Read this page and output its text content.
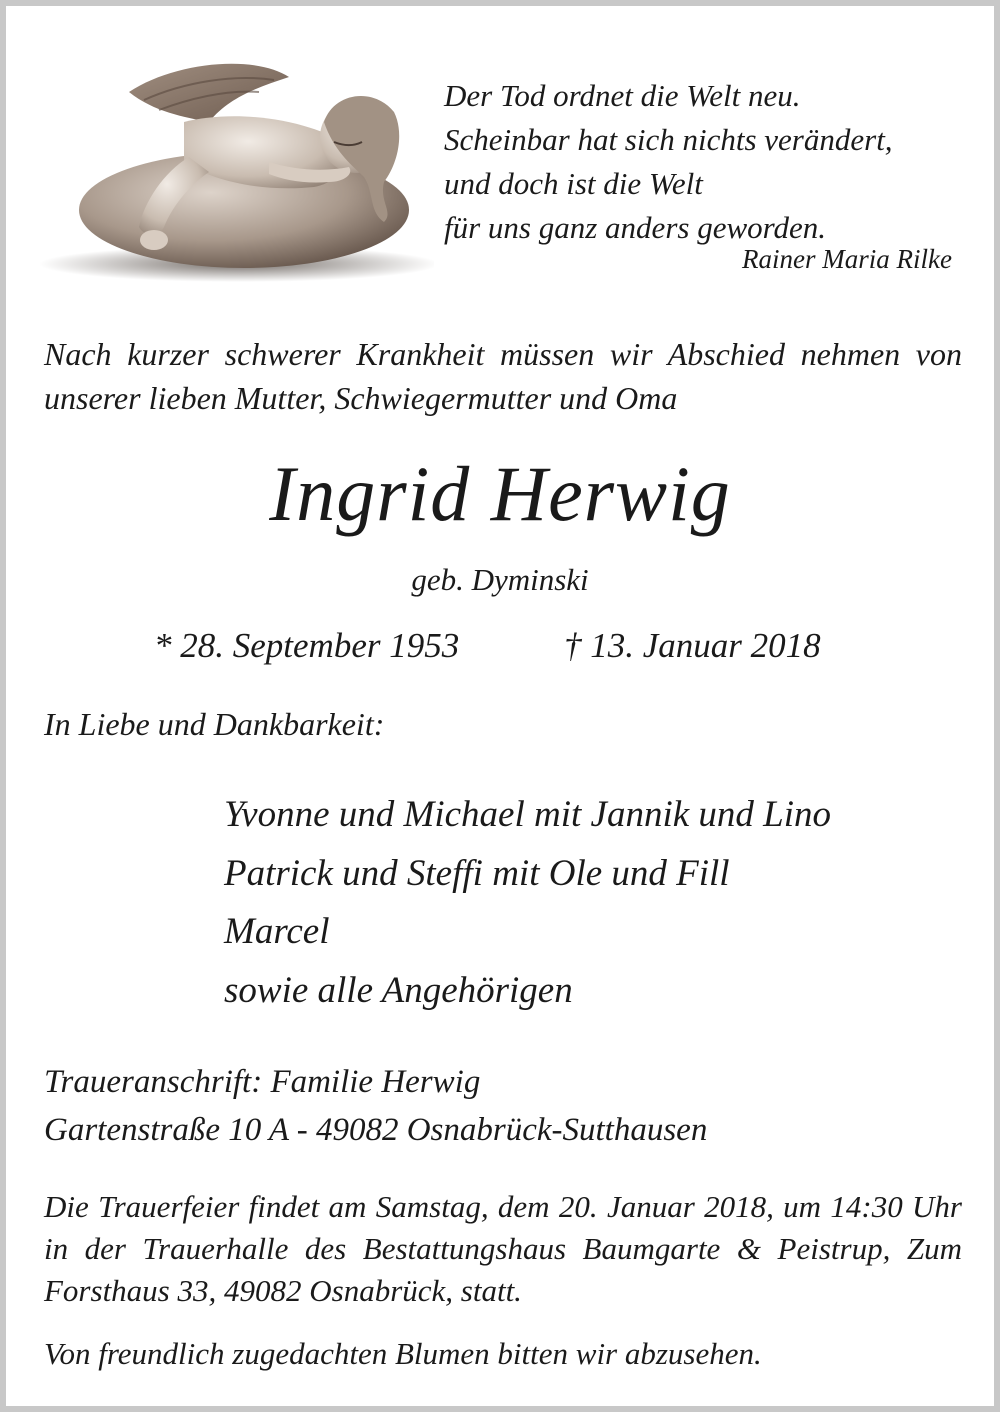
Der Tod ordnet die Welt neu.
Scheinbar hat sich nichts verändert,
und doch ist die Welt
für uns ganz anders geworden.
Rainer Maria Rilke
Nach kurzer schwerer Krankheit müssen wir Abschied nehmen von unserer lieben Mutter, Schwiegermutter und Oma
Ingrid Herwig
geb. Dyminski
* 28. September 1953	† 13. Januar 2018
In Liebe und Dankbarkeit:
Yvonne und Michael mit Jannik und Lino
Patrick und Steffi mit Ole und Fill
Marcel
sowie alle Angehörigen
Traueranschrift: Familie Herwig
Gartenstraße 10 A - 49082 Osnabrück-Sutthausen
Die Trauerfeier findet am Samstag, dem 20. Januar 2018, um 14:30 Uhr in der Trauerhalle des Bestattungshaus Baumgarte & Peistrup, Zum Forsthaus 33, 49082 Osnabrück, statt.
Von freundlich zugedachten Blumen bitten wir abzusehen.
